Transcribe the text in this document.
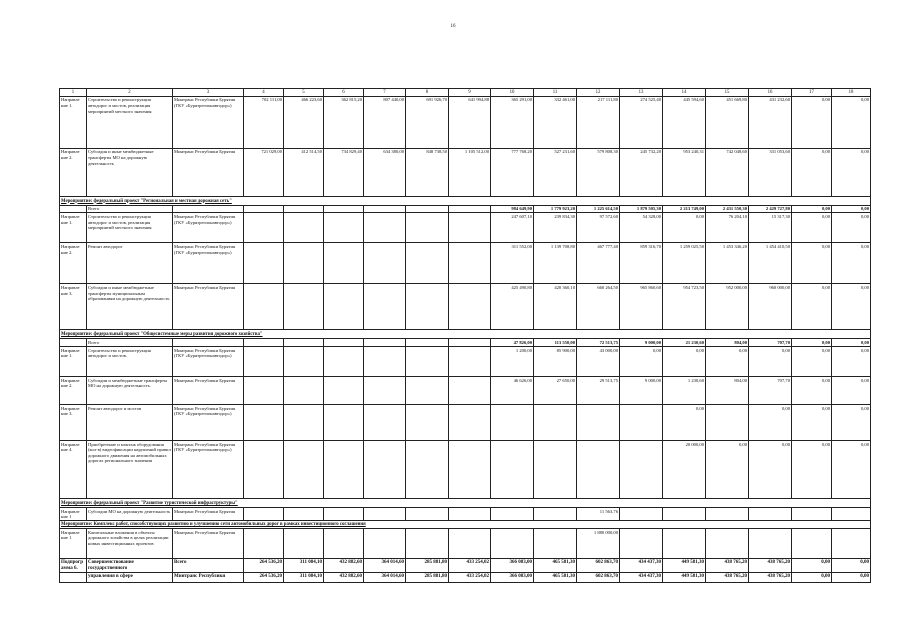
16
1	2	3	4	5	6	7	8	9	10	11	12	13	14	15	16	17	18
Направле ние 1.	Строительство и реконструкция автодорог и мостов, реализация мероприятий местного значения	Минтранс Республики Бурятия (ГКУ «Бурятрегионавтодор»)	702 111,00	466 223,60	362 815,20	807 440,00	691 926,70	641 994,88	365 291,00	332 461,00	217 111,80	274 525,40	445 594,60	451 669,80	431 232,60	0,00	0,00
Направле ние 2.	Субсидия и иные межбюджетные трансферты МО на дорожную деятельность	Минтранс Республики Бурятия	721 029,00	412 514,50	734 829,40	634 380,00	848 738,50	1 105 512,00	777 768,20	527 231,60	579 808,30	245 732,20	953 240,31	742 048,60	331 053,60	0,00	0,00
Мероприятие: федеральный проект "Региональная и местная дорожная сеть"																	
	Всего								984 649,90	1 779 923,20	1 225 614,50	1 879 505,30	2 213 749,00	2 431 550,30	2 429 727,80	0,00	0,00
Направле ние 1.	Строительство и реконструкция автодорог и мостов, реализация мероприятий местного значения	Минтранс Республики Бурятия (ГКУ «Бурятрегионавтодор»)							247 607,10	239 834,30	97 572,60	54 328,00	0,00	76 204,10	15 317,30	0,00	0,00
Направле ние 2.	Ремонт автодорог	Минтранс Республики Бурятия (ГКУ «Бурятрегионавтодор»)							311 552,00	1 139 708,80	467 777,40	859 316,70	1 259 025,50	1 453 346,20	1 454 410,50	0,00	0,00
Направле ние 3.	Субсидии и иные межбюджетные трансферты муниципальным образованиям на дорожную деятельность	Минтранс Республики Бурятия							425 490,80	420 360,10	660 264,50	965 860,60	954 723,50	952 000,00	960 000,00	0,00	0,00
Мероприятие: федеральный проект "Общесистемные меры развития дорожного хозяйства"																	
	Всего								47 826,00	113 550,00	72 513,75	9 000,00	21 230,60	804,00	707,70	0,00	0,00
Направле ние 1.	Строительство и реконструкция автодорог и мостов.	Минтранс Республики Бурятия (ГКУ «Бурятрегионавтодор»)							1 200,00	85 900,00	43 000,00	0,00	0,00	0,00	0,00	0,00	0,00
Направле ние 2.	Субсидии и межбюджетные трансферты МО на дорожную деятельность.	Минтранс Республики Бурятия							46 626,00	27 650,00	29 513,75	9 000,00	1 230,60	804,00	707,70	0,00	0,00
Направле ние 3.	Ремонт автодорог и мостов	Минтранс Республики Бурятия (ГКУ «Бурятрегионавтодор»)											0,00		0,00	0,00	0,00
Направле ние 4.	Приобретение и монтаж оборудования (кол-в) видеофиксации нарушений правил дорожного движения на автомобильных дорогах регионального значения	Минтранс Республики Бурятия (ГКУ «Бурятрегионавтодор»)											20 000,00	0,00	0,00	0,00	0,00
Мероприятие: федеральный проект "Развитие туристической инфраструктуры"																	
Направле ние 1	Субсидии МО на дорожную деятельность	Минтранс Республики Бурятия									11 563,76						
Мероприятие: Комплекс работ, способствующих развитию и улучшению сети автомобильных дорог в рамках инвестиционного соглашения																	
Направле ние 1	Капитальные вложения в объекты дорожного хозяйства в целях реализации новых инвестиционных проектов	Минтранс Республики Бурятия									1 880 000,00						
Подпрогр амма 6.	Совершенствование государственного	Всего	264 536,20	311 084,10	432 882,60	364 014,60	285 881,80	433 254,02	366 083,00	465 581,30	602 863,70	434 437,30	449 581,30	438 765,20	438 765,20	0,00	0,00
	управления в сфере	Минтранс Республики	264 536,20	311 084,10	432 882,60	364 014,60	285 881,80	433 254,02	366 083,00	465 581,30	602 863,70	434 437,30	449 581,30	438 765,20	438 765,20	0,00	0,00
